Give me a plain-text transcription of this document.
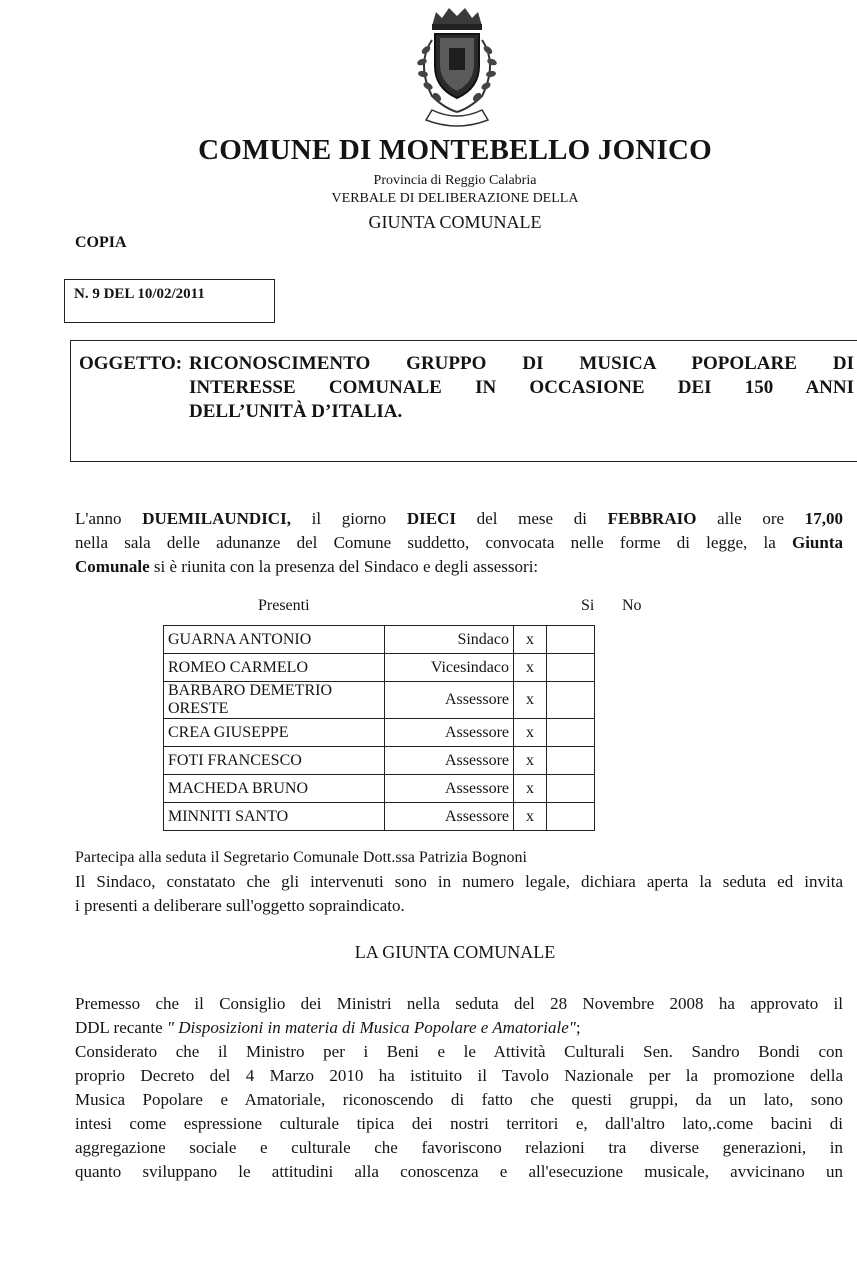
COMUNE DI MONTEBELLO JONICO
Provincia di Reggio Calabria
VERBALE DI DELIBERAZIONE DELLA
GIUNTA COMUNALE
COPIA
N. 9 DEL 10/02/2011
OGGETTO: RICONOSCIMENTO GRUPPO DI MUSICA POPOLARE DI
INTERESSE COMUNALE IN OCCASIONE DEI 150 ANNI
DELL’UNITÀ D’ITALIA.
L'anno DUEMILAUNDICI, il giorno DIECI del mese di FEBBRAIO alle ore 17,00
nella sala delle adunanze del Comune suddetto, convocata nelle forme di legge, la Giunta
Comunale si è riunita con la presenza del Sindaco e degli assessori:
Presenti	Si No
GUARNA ANTONIO	Sindaco	x	
ROMEO CARMELO	Vicesindaco	x	
BARBARO DEMETRIO ORESTE	Assessore	x	
CREA GIUSEPPE	Assessore	x	
FOTI FRANCESCO	Assessore	x	
MACHEDA BRUNO	Assessore	x	
MINNITI SANTO	Assessore	x	
Partecipa alla seduta il Segretario Comunale Dott.ssa Patrizia Bognoni
Il Sindaco, constatato che gli intervenuti sono in numero legale, dichiara aperta la seduta ed invita
i presenti a deliberare sull'oggetto sopraindicato.
LA GIUNTA COMUNALE
Premesso che il Consiglio dei Ministri nella seduta del 28 Novembre 2008 ha approvato il
DDL recante " Disposizioni in materia di Musica Popolare e Amatoriale";
Considerato che il Ministro per i Beni e le Attività Culturali Sen. Sandro Bondi con
proprio Decreto del 4 Marzo 2010 ha istituito il Tavolo Nazionale per la promozione della
Musica Popolare e Amatoriale, riconoscendo di fatto che questi gruppi, da un lato, sono
intesi come espressione culturale tipica dei nostri territori e, dall'altro lato,.come bacini di
aggregazione sociale e culturale che favoriscono relazioni tra diverse generazioni, in
quanto sviluppano le attitudini alla conoscenza e all'esecuzione musicale, avvicinano un
